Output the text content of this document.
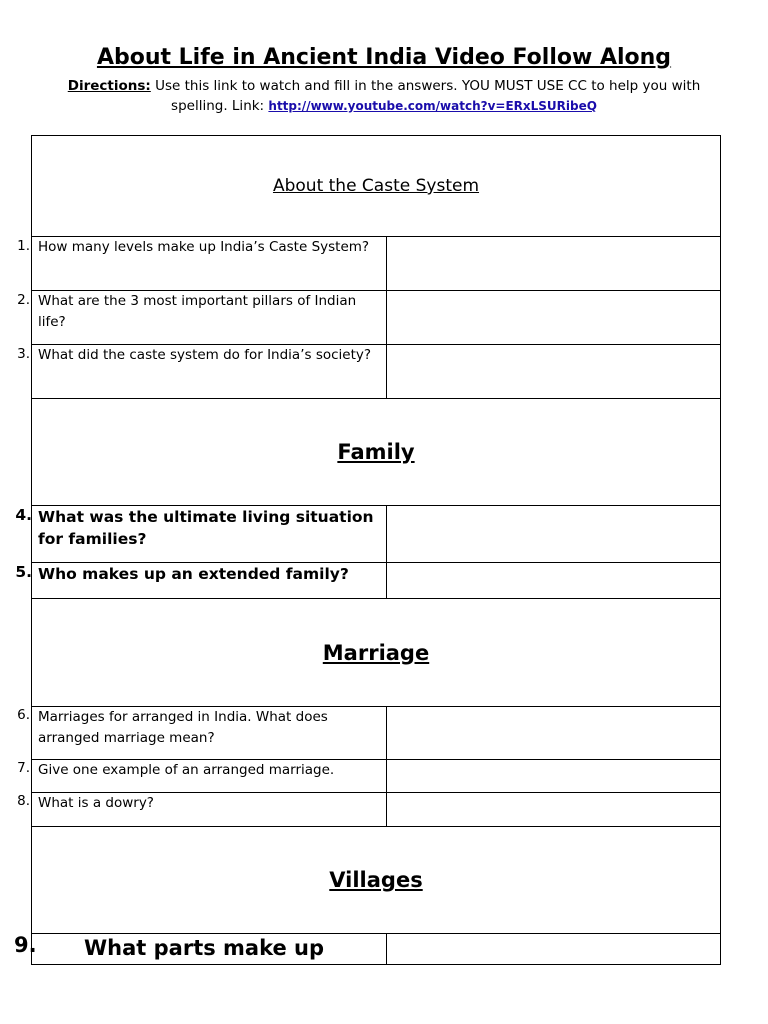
About Life in Ancient India Video Follow Along
Directions: Use this link to watch and fill in the answers. YOU MUST USE CC to help you with spelling. Link: http://www.youtube.com/watch?v=ERxLSURibeQ
About the Caste System
1. How many levels make up India’s Caste System?
2. What are the 3 most important pillars of Indian life?
3. What did the caste system do for India’s society?
Family
4. What was the ultimate living situation for families?
5. Who makes up an extended family?
Marriage
6. Marriages for arranged in India. What does arranged marriage mean?
7. Give one example of an arranged marriage.
8. What is a dowry?
Villages
9.	What parts make up
